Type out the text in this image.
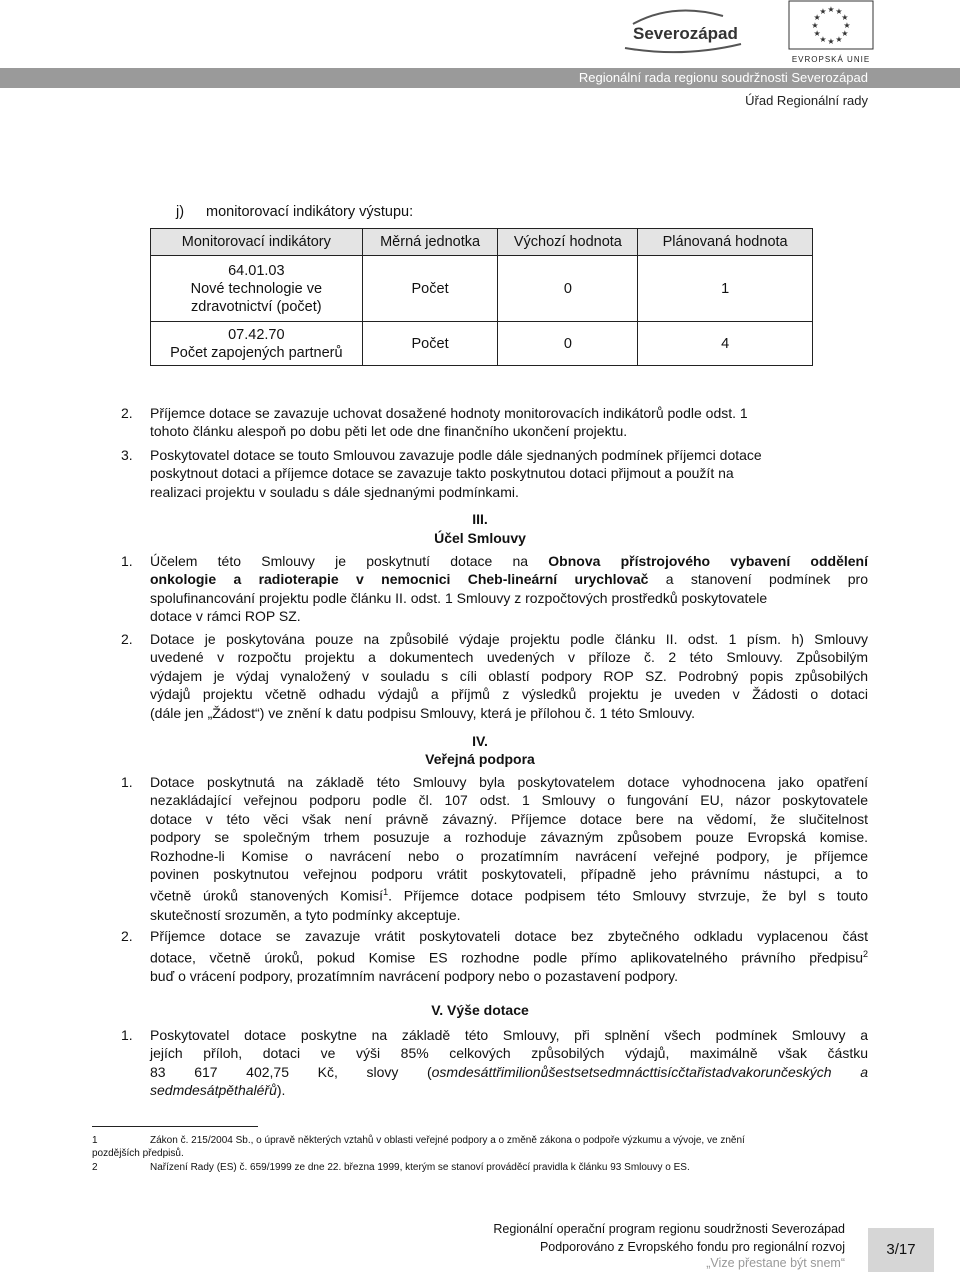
Severozápad	★
★
★
★
★
★
★
★
★ ★ ★
★
EVROPSKÁ UNIE
Regionální rada regionu soudržnosti Severozápad
Úřad Regionální rady
j) monitorovací indikátory výstupu:
Monitorovací indikátory	Měrná jednotka	Výchozí hodnota	Plánovaná hodnota

64.01.03
Nové technologie ve
zdravotnictví (počet)	Počet	0	1

07.42.70
Počet zapojených partnerů	Počet	0	4
2. Příjemce dotace se zavazuje uchovat dosažené hodnoty monitorovacích indikátorů podle odst. 1
tohoto článku alespoň po dobu pěti let ode dne finančního ukončení projektu.
3. Poskytovatel dotace se touto Smlouvou zavazuje podle dále sjednaných podmínek příjemci dotace
poskytnout dotaci a příjemce dotace se zavazuje takto poskytnutou dotaci přijmout a použít na
realizaci projektu v souladu s dále sjednanými podmínkami.
III.
Účel Smlouvy
1. Účelem této Smlouvy je poskytnutí dotace na Obnova přístrojového vybavení oddělení
onkologie a radioterapie v nemocnici Cheb-lineární urychlovač a stanovení podmínek pro
spolufinancování projektu podle článku II. odst. 1 Smlouvy z rozpočtových prostředků poskytovatele
dotace v rámci ROP SZ.
2. Dotace je poskytována pouze na způsobilé výdaje projektu podle článku II. odst. 1 písm. h) Smlouvy
uvedené v rozpočtu projektu a dokumentech uvedených v příloze č. 2 této Smlouvy. Způsobilým
výdajem je výdaj vynaložený v souladu s cíli oblastí podpory ROP SZ. Podrobný popis způsobilých
výdajů projektu včetně odhadu výdajů a příjmů z výsledků projektu je uveden v Žádosti o dotaci
(dále jen „Žádost“) ve znění k datu podpisu Smlouvy, která je přílohou č. 1 této Smlouvy.
IV.
Veřejná podpora
1. Dotace poskytnutá na základě této Smlouvy byla poskytovatelem dotace vyhodnocena jako opatření
nezakládající veřejnou podporu podle čl. 107 odst. 1 Smlouvy o fungování EU, názor poskytovatele
dotace v této věci však není právně závazný. Příjemce dotace bere na vědomí, že slučitelnost
podpory se společným trhem posuzuje a rozhoduje závazným způsobem pouze Evropská komise.
Rozhodne-li Komise o navrácení nebo o prozatímním navrácení veřejné podpory, je příjemce
povinen poskytnutou veřejnou podporu vrátit poskytovateli, případně jeho právnímu nástupci, a to
včetně úroků stanovených Komisí$^1$. Příjemce dotace podpisem této Smlouvy stvrzuje, že byl s touto
skutečností srozuměn, a tyto podmínky akceptuje.
2. Příjemce dotace se zavazuje vrátit poskytovateli dotace bez zbytečného odkladu vyplacenou část
dotace, včetně úroků, pokud Komise ES rozhodne podle přímo aplikovatelného právního předpisu$^2$
buď o vrácení podpory, prozatímním navrácení podpory nebo o pozastavení podpory.
V. Výše dotace
1. Poskytovatel dotace poskytne na základě této Smlouvy, při splnění všech podmínek Smlouvy a
jejích příloh, dotaci ve výši 85% celkových způsobilých výdajů, maximálně však částku
83 617 402,75 Kč, slovy (osmdesáttřimilionůšestsetsedmnácttisícčtařistadvakorunčeských a
sedmdesátpěthaléřů).
1	Zákon č. 215/2004 Sb., o úpravě některých vztahů v oblasti veřejné podpory a o změně zákona o podpoře výzkumu a vývoje, ve znění
pozdějších předpisů.
2	Nařízení Rady (ES) č. 659/1999 ze dne 22. března 1999, kterým se stanoví prováděcí pravidla k článku 93 Smlouvy o ES.
Regionální operační program regionu soudržnosti Severozápad
Podporováno z Evropského fondu pro regionální rozvoj
„Vize přestane být snem“
3/17
